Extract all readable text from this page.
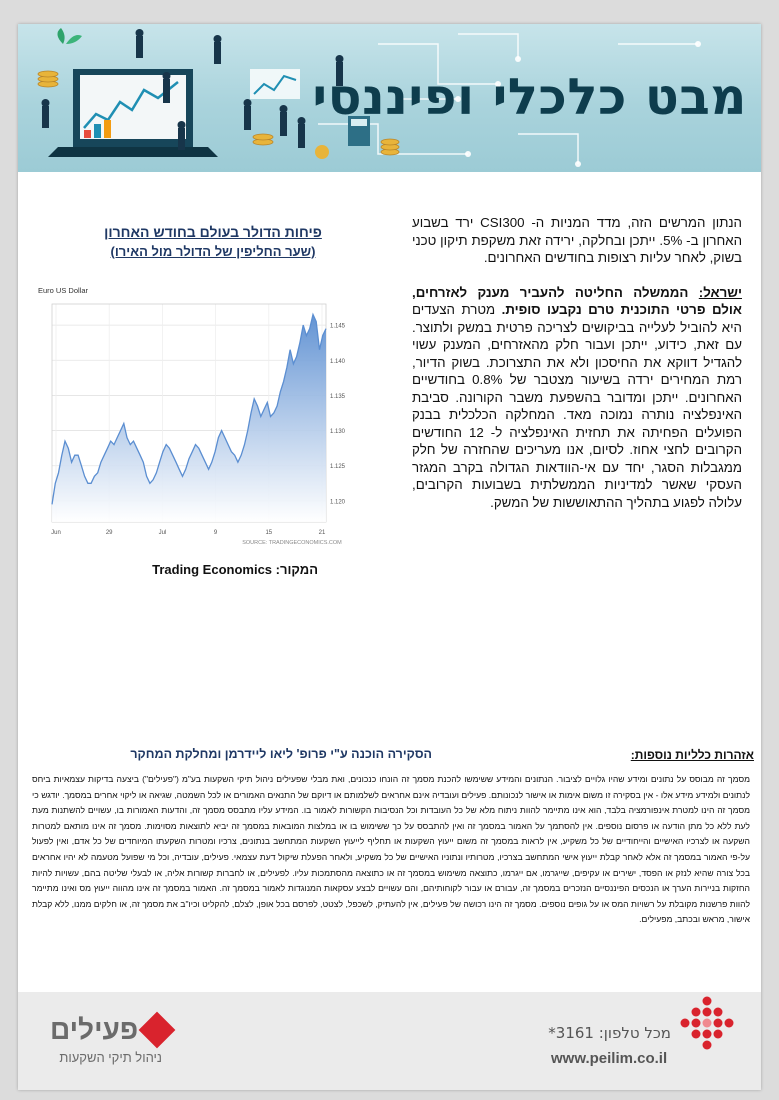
מבט כלכלי ופיננסי

הנתון המרשים הזה, מדד המניות ה- CSI300 ירד בשבוע האחרון ב- 5%. ייתכן ובחלקה, ירידה זאת משקפת תיקון טכני בשוק, לאחר עליות רצופות בחודשים האחרונים.

ישראל: הממשלה החליטה להעביר מענק לאזרחים, אולם פרטי התוכנית טרם נקבעו סופית. מטרת הצעדים היא להוביל לעלייה בביקושים לצריכה פרטית במשק ולתוצר. עם זאת, כידוע, ייתכן ועבור חלק מהאזרחים, המענק עשוי להגדיל דווקא את החיסכון ולא את התצרוכת. בשוק הדיור, רמת המחירים ירדה בשיעור מצטבר של 0.8% בחודשיים האחרונים. ייתכן ומדובר בהשפעת משבר הקורונה. סביבת האינפלציה נותרה נמוכה מאד. המחלקה הכלכלית בבנק הפועלים הפחיתה את תחזית האינפלציה ל- 12 החודשים הקרובים לחצי אחוז. לסיום, אנו מעריכים שהחזרה של חלק ממגבלות הסגר, יחד עם אי-הוודאות הגדולה בקרב המגזר העסקי שאשר למדיניות הממשלתית בשבועות הקרובים, עלולה לפגוע בתהליך ההתאוששות של המשק.

פיחות הדולר בעולם בחודש האחרון
(שער החליפין של הדולר מול האירו)
Euro US Dollar
1.145
1.140
1.135
1.130
1.125
1.120
Jun	29	Jul	9	15	21
SOURCE: TRADINGECONOMICS.COM
המקור: Trading Economics
אזהרות כלליות נוספות:
הסקירה הוכנה ע"י פרופ' ליאו ליידרמן ומחלקת המחקר
מסמך זה מבוסס על נתונים ומידע שהיו גלויים לציבור. הנתונים והמידע ששימשו להכנת מסמך זה הונחו כנכונים, ואת מבלי שפעילים ניהול תיקי השקעות בע"מ ("פעילים") ביצעה בדיקות עצמאיות ביחס לנתונים ולמידע מידע אלו - אין בסקירה זו משום אימות או אישור לנכונותם. פעילים ועובדיה אינם אחראים לשלמותם או דיוקם של התנאים האמורים או לכל השמטה, שגיאה או ליקוי אחרים במסמך. יודגש כי מסמך זה הינו למטרת אינפורמציה בלבד, הוא אינו מתיימר להוות ניתוח מלא של כל העובדות וכל הנסיבות הקשורות לאמור בו. המידע עליו מתבסס מסמך זה, והדעות האמורות בו, עשויים להשתנות מעת לעת ללא כל מתן הודעה או פרסום נוספים. אין להסתמך על האמור במסמך זה ואין להתבסס על כך ששימוש בו או במלצות המובאות במסמך זה יביא לתוצאות מסוימות. מסמך זה אינו מותאם למטרות השקעה או לצרכיו האישיים והייחודיים של כל משקיע, אין לראות במסמך זה משום ייעוץ השקעות או תחליף לייעוץ השקעות המתחשב בנתונים, צרכיו ומטרות השקעתו המיוחדים של כל אדם, ואין לפעול על-פי האמור במסמך זה אלא לאחר קבלת ייעוץ אישי המתחשב בצרכיו, מטרותיו ונתוניו האישיים של כל משקיע, ולאחר הפעלת שיקול דעת עצמאי. פעילים, עובדיה, וכל מי שפועל מטעמה לא יהיו אחראים בכל צורה שהיא לנזק או הפסד, ישירים או עקיפים, שייגרמו, אם ייגרמו, כתוצאה משימוש במסמך זה או כתוצאה מהסתמכות עליו. לפעילים, או לחברות קשורות אליה, או לבעלי שליטה בהם, עשויות להיות החזקות בניירות הערך או הנכסים הפיננסיים הנזכרים במסמך זה, עבורם או עבור לקוחותיהם, והם עשויים לבצע עסקאות המנוגדות לאמור במסמך זה. האמור במסמך זה אינו מהווה ייעוץ מס ואינו מתיימר להוות פרשנות מקובלת על רשויות המס או על גופים נוספים. מסמך זה הינו רכושה של פעילים, אין להעתיק, לשכפל, לצטט, לפרסם בכל אופן, לצלם, להקליט וכיו"ב את מסמך זה, או חלקים ממנו, ללא קבלת אישור, מראש ובכתב, מפעילים.
פעילים
ניהול תיקי השקעות
מכל טלפון: 3161*
www.peilim.co.il
